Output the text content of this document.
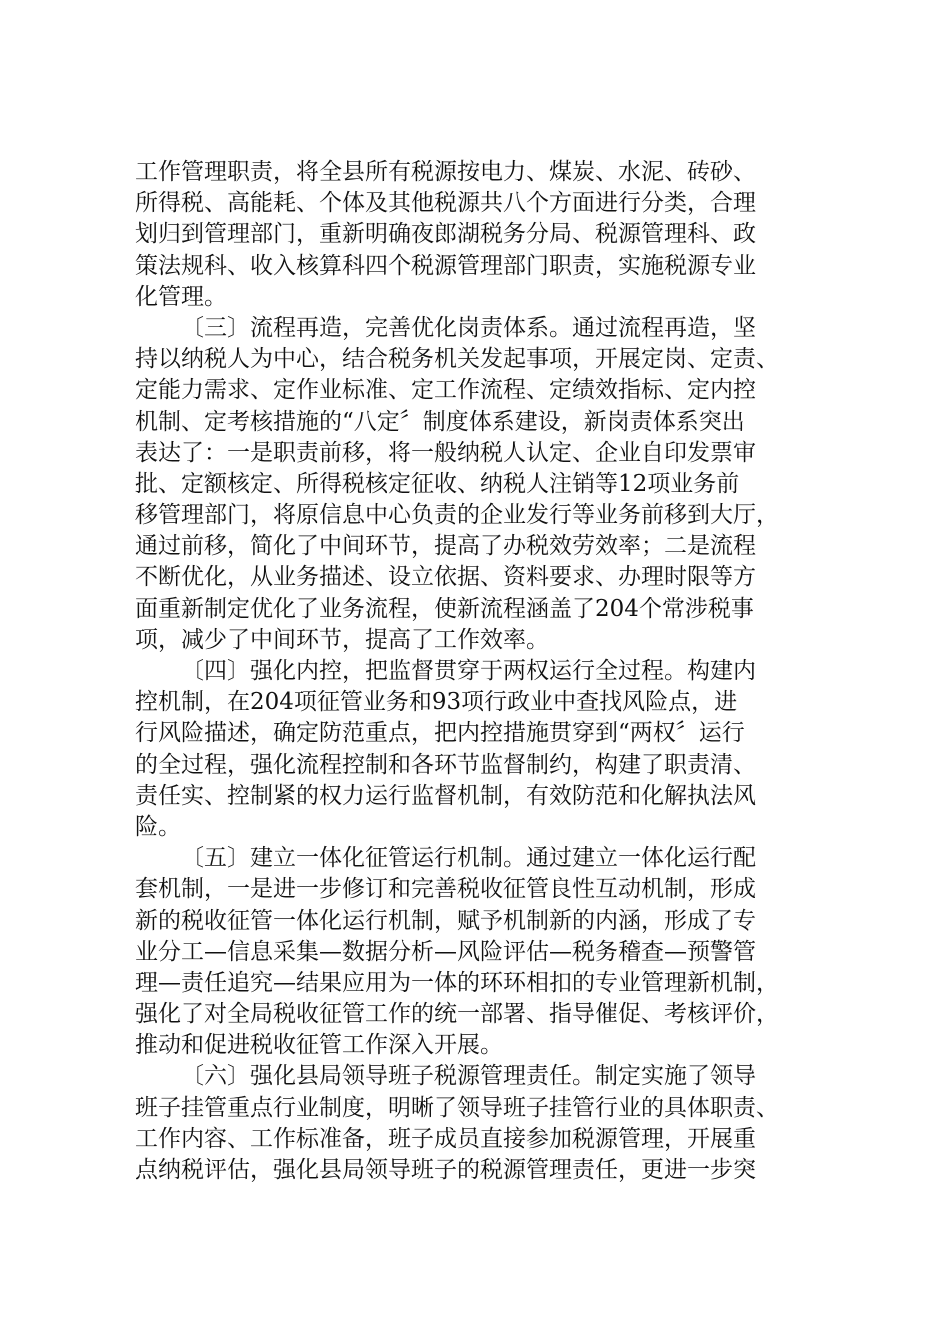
工作管理职责，将全县所有税源按电力、煤炭、水泥、砖砂、
所得税、高能耗、个体及其他税源共八个方面进行分类，合理
划归到管理部门，重新明确夜郎湖税务分局、税源管理科、政
策法规科、收入核算科四个税源管理部门职责，实施税源专业
化管理。
〔三〕流程再造，完善优化岗责体系。通过流程再造，坚
持以纳税人为中心，结合税务机关发起事项，开展定岗、定责、
定能力需求、定作业标准、定工作流程、定绩效指标、定内控
机制、定考核措施的“八定〞制度体系建设，新岗责体系突出
表达了：一是职责前移，将一般纳税人认定、企业自印发票审
批、定额核定、所得税核定征收、纳税人注销等12项业务前
移管理部门，将原信息中心负责的企业发行等业务前移到大厅，
通过前移，简化了中间环节，提高了办税效劳效率；二是流程
不断优化，从业务描述、设立依据、资料要求、办理时限等方
面重新制定优化了业务流程，使新流程涵盖了204个常涉税事
项，减少了中间环节，提高了工作效率。
〔四〕强化内控，把监督贯穿于两权运行全过程。构建内
控机制，在204项征管业务和93项行政业中查找风险点，进
行风险描述，确定防范重点，把内控措施贯穿到“两权〞运行
的全过程，强化流程控制和各环节监督制约，构建了职责清、
责任实、控制紧的权力运行监督机制，有效防范和化解执法风
险。
〔五〕建立一体化征管运行机制。通过建立一体化运行配
套机制，一是进一步修订和完善税收征管良性互动机制，形成
新的税收征管一体化运行机制，赋予机制新的内涵，形成了专
业分工—信息采集—数据分析—风险评估—税务稽查—预警管
理—责任追究—结果应用为一体的环环相扣的专业管理新机制，
强化了对全局税收征管工作的统一部署、指导催促、考核评价，
推动和促进税收征管工作深入开展。
〔六〕强化县局领导班子税源管理责任。制定实施了领导
班子挂管重点行业制度，明晰了领导班子挂管行业的具体职责、
工作内容、工作标准备，班子成员直接参加税源管理，开展重
点纳税评估，强化县局领导班子的税源管理责任，更进一步突
